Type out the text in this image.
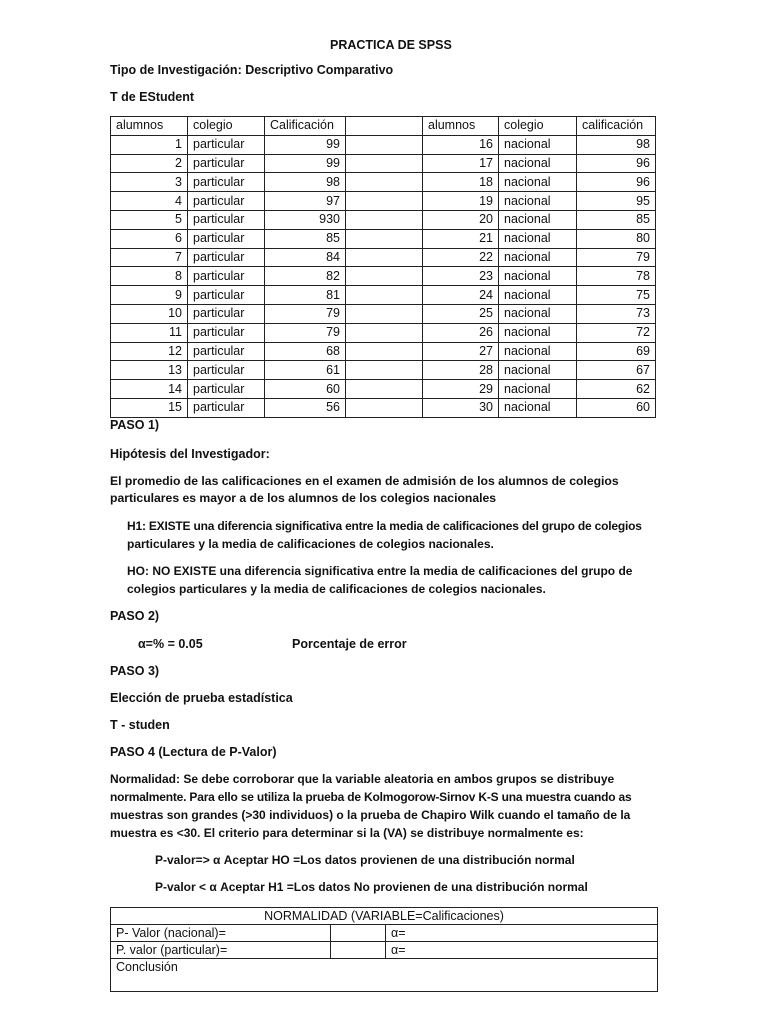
PRACTICA DE SPSS
Tipo de Investigación: Descriptivo Comparativo
T de EStudent
alumnos	colegio	Calificación		alumnos	colegio	calificación
1	particular	99		16	nacional	98
2	particular	99		17	nacional	96
3	particular	98		18	nacional	96
4	particular	97		19	nacional	95
5	particular	930		20	nacional	85
6	particular	85		21	nacional	80
7	particular	84		22	nacional	79
8	particular	82		23	nacional	78
9	particular	81		24	nacional	75
10	particular	79		25	nacional	73
11	particular	79		26	nacional	72
12	particular	68		27	nacional	69
13	particular	61		28	nacional	67
14	particular	60		29	nacional	62
15	particular	56		30	nacional	60
PASO 1)
Hipótesis del Investigador:
El promedio de las calificaciones en el examen de admisión de los alumnos de colegios
particulares es mayor a de los alumnos de los colegios nacionales
H1: EXISTE una diferencia significativa entre la media de calificaciones del grupo de colegios
particulares y la media de calificaciones de colegios nacionales.
HO: NO EXISTE una diferencia significativa entre la media de calificaciones del grupo de
colegios particulares y la media de calificaciones de colegios nacionales.
PASO 2)
α=% = 0.05	Porcentaje de error
PASO 3)
Elección de prueba estadística
T - studen
PASO 4 (Lectura de P-Valor)
Normalidad: Se debe corroborar que la variable aleatoria en ambos grupos se distribuye
normalmente. Para ello se utiliza la prueba de Kolmogorow-Sirnov K-S una muestra cuando as
muestras son grandes (>30 individuos) o la prueba de Chapiro Wilk cuando el tamaño de la
muestra es <30. El criterio para determinar si la (VA) se distribuye normalmente es:
P-valor=> α Aceptar HO =Los datos provienen de una distribución normal
P-valor < α Aceptar H1 =Los datos No provienen de una distribución normal
NORMALIDAD (VARIABLE=Calificaciones)		
P- Valor (nacional)=		α=
P. valor (particular)=		α=
Conclusión		
